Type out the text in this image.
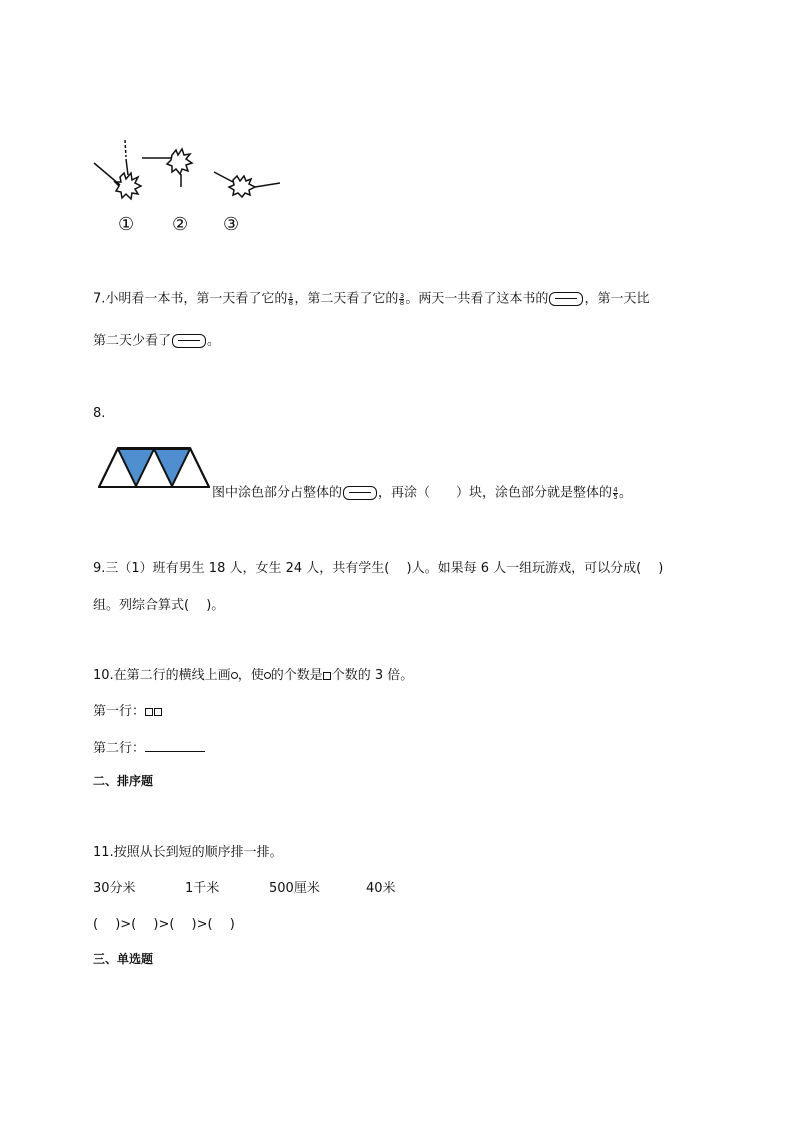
① ② ③
7.小明看一本书，第一天看了它的 $\frac{1}{8}$ ，第二天看了它的 $\frac{3}{8}$ 。两天一共看了这本书的	，第一天比
第二天少看了	。
8.
图中涂色部分占整体的	，再涂（　　）块，涂色部分就是整体的 $\frac{4}{5}$ 。
9.三（1）班有男生 18 人，女生 24 人，共有学生(　 )人。如果每 6 人一组玩游戏，可以分成(　 )
组。列综合算式(　 )。
10.在第二行的横线上画 ，使 的个数是 个数的 3 倍。
第一行：
第二行：
二、排序题
11.按照从长到短的顺序排一排。
30分米	1千米	500厘米	40米
(　 )>(　 )>(　 )>(　 )
三、单选题
